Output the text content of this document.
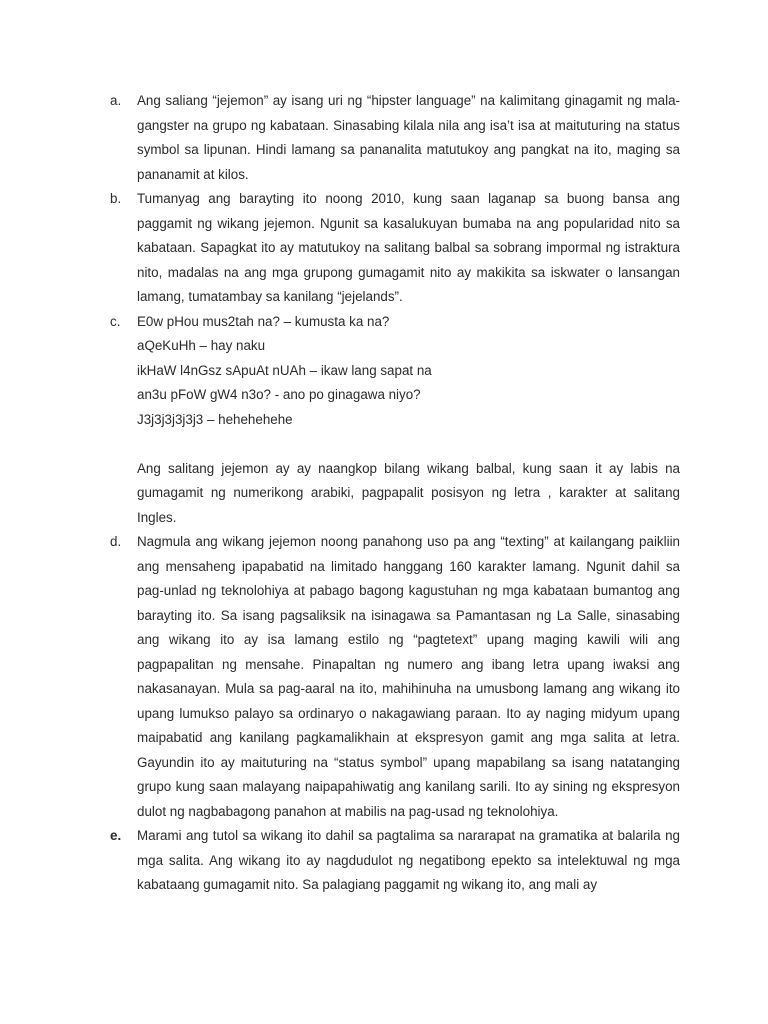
a.	Ang saliang “jejemon” ay isang uri ng “hipster language” na kalimitang ginagamit ng mala-gangster na grupo ng kabataan. Sinasabing kilala nila ang isa’t isa at maituturing na status symbol sa lipunan. Hindi lamang sa pananalita matutukoy ang pangkat na ito, maging sa pananamit at kilos.

b.	Tumanyag ang barayting ito noong 2010, kung saan laganap sa buong bansa ang paggamit ng wikang jejemon. Ngunit sa kasalukuyan bumaba na ang popularidad nito sa kabataan. Sapagkat ito ay matutukoy na salitang balbal sa sobrang impormal ng istraktura nito, madalas na ang mga grupong gumagamit nito ay makikita sa iskwater o lansangan lamang, tumatambay sa kanilang “jejelands”.

c.	E0w pHou mus2tah na? – kumusta ka na?
aQeKuHh – hay naku
ikHaW l4nGsz sApuAt nUAh – ikaw lang sapat na
an3u pFoW gW4 n3o? - ano po ginagawa niyo?
J3j3j3j3j3j3 – hehehehehe

Ang salitang jejemon ay ay naangkop bilang wikang balbal, kung saan it ay labis na gumagamit ng numerikong arabiki, pagpapalit posisyon ng letra , karakter at salitang Ingles.

d.	Nagmula ang wikang jejemon noong panahong uso pa ang “texting” at kailangang paikliin ang mensaheng ipapabatid na limitado hanggang 160 karakter lamang. Ngunit dahil sa pag-unlad ng teknolohiya at pabago bagong kagustuhan ng mga kabataan bumantog ang barayting ito. Sa isang pagsaliksik na isinagawa sa Pamantasan ng La Salle, sinasabing ang wikang ito ay isa lamang estilo ng “pagtetext” upang maging kawili wili ang pagpapalitan ng mensahe. Pinapaltan ng numero ang ibang letra upang iwaksi ang nakasanayan. Mula sa pag-aaral na ito, mahihinuha na umusbong lamang ang wikang ito upang lumukso palayo sa ordinaryo o nakagawiang paraan. Ito ay naging midyum upang maipabatid ang kanilang pagkamalikhain at ekspresyon gamit ang mga salita at letra. Gayundin ito ay maituturing na “status symbol” upang mapabilang sa isang natatanging grupo kung saan malayang naipapahiwatig ang kanilang sarili. Ito ay sining ng ekspresyon dulot ng nagbabagong panahon at mabilis na pag-usad ng teknolohiya.

e.	Marami ang tutol sa wikang ito dahil sa pagtalima sa nararapat na gramatika at balarila ng mga salita. Ang wikang ito ay nagdudulot ng negatibong epekto sa intelektuwal ng mga kabataang gumagamit nito. Sa palagiang paggamit ng wikang ito, ang mali ay
